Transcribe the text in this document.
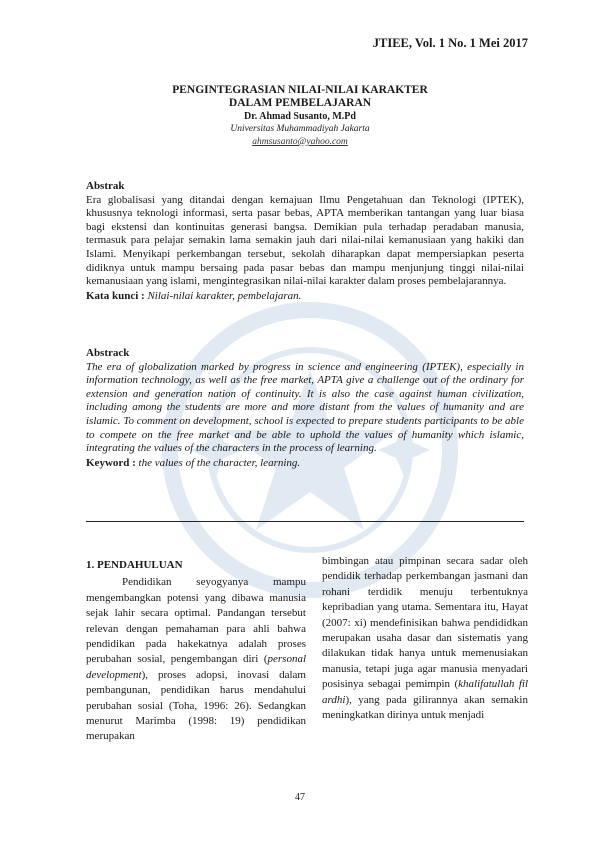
JTIEE, Vol. 1 No. 1 Mei 2017
PENGINTEGRASIAN NILAI-NILAI KARAKTER
DALAM PEMBELAJARAN
Dr. Ahmad Susanto, M.Pd
Universitas Muhammadiyah Jakarta
ahmsusanto@yahoo.com
Abstrak
Era globalisasi yang ditandai dengan kemajuan Ilmu Pengetahuan dan Teknologi (IPTEK), khususnya teknologi informasi, serta pasar bebas, APTA memberikan tantangan yang luar biasa bagi ekstensi dan kontinuitas generasi bangsa. Demikian pula terhadap peradaban manusia, termasuk para pelajar semakin lama semakin jauh dari nilai-nilai kemanusiaan yang hakiki dan Islami. Menyikapi perkembangan tersebut, sekolah diharapkan dapat mempersiapkan peserta didiknya untuk mampu bersaing pada pasar bebas dan mampu menjunjung tinggi nilai-nilai kemanusiaan yang islami, mengintegrasikan nilai-nilai karakter dalam proses pembelajarannya.
Kata kunci : Nilai-nilai karakter, pembelajaran.
Abstrack
The era of globalization marked by progress in science and engineering (IPTEK), especially in information technology, as well as the free market, APTA give a challenge out of the ordinary for extension and generation nation of continuity. It is also the case against human civilization, including among the students are more and more distant from the values of humanity and are islamic. To comment on development, school is expected to prepare students participants to be able to compete on the free market and be able to uphold the values of humanity which islamic, integrating the values of the characters in the process of learning.
Keyword : the values of the character, learning.
1. PENDAHULUAN

Pendidikan seyogyanya mampu mengembangkan potensi yang dibawa manusia sejak lahir secara optimal. Pandangan tersebut relevan dengan pemahaman para ahli bahwa pendidikan pada hakekatnya adalah proses perubahan sosial, pengembangan diri (personal development), proses adopsi, inovasi dalam pembangunan, pendidikan harus mendahului perubahan sosial (Toha, 1996: 26). Sedangkan menurut Marimba (1998: 19) pendidikan merupakan

bimbingan atau pimpinan secara sadar oleh pendidik terhadap perkembangan jasmani dan rohani terdidik menuju terbentuknya kepribadian yang utama. Sementara itu, Hayat (2007: xi) mendefinisikan bahwa pendididkan merupakan usaha dasar dan sistematis yang dilakukan tidak hanya untuk memenusiakan manusia, tetapi juga agar manusia menyadari posisinya sebagai pemimpin (khalifatullah fil ardhi), yang pada gilirannya akan semakin meningkatkan dirinya untuk menjadi

47
